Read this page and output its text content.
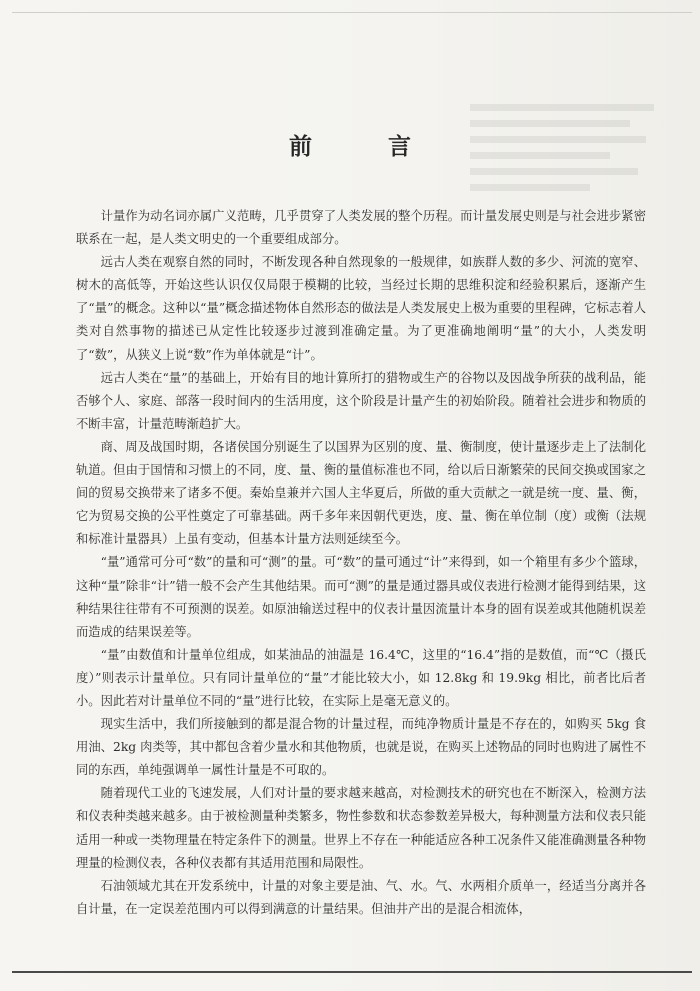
前 言

计量作为动名词亦属广义范畴，几乎贯穿了人类发展的整个历程。而计量发展史则是与社会进步紧密联系在一起，是人类文明史的一个重要组成部分。

远古人类在观察自然的同时，不断发现各种自然现象的一般规律，如族群人数的多少、河流的宽窄、树木的高低等，开始这些认识仅仅局限于模糊的比较，当经过长期的思维积淀和经验积累后，逐渐产生了“量”的概念。这种以“量”概念描述物体自然形态的做法是人类发展史上极为重要的里程碑，它标志着人类对自然事物的描述已从定性比较逐步过渡到准确定量。为了更准确地阐明“量”的大小，人类发明了“数”，从狭义上说“数”作为单体就是“计”。

远古人类在“量”的基础上，开始有目的地计算所打的猎物或生产的谷物以及因战争所获的战利品，能否够个人、家庭、部落一段时间内的生活用度，这个阶段是计量产生的初始阶段。随着社会进步和物质的不断丰富，计量范畴渐趋扩大。

商、周及战国时期，各诸侯国分别诞生了以国界为区别的度、量、衡制度，使计量逐步走上了法制化轨道。但由于国情和习惯上的不同，度、量、衡的量值标准也不同，给以后日渐繁荣的民间交换或国家之间的贸易交换带来了诸多不便。秦始皇兼并六国人主华夏后，所做的重大贡献之一就是统一度、量、衡，它为贸易交换的公平性奠定了可靠基础。两千多年来因朝代更迭，度、量、衡在单位制（度）或衡（法规和标准计量器具）上虽有变动，但基本计量方法则延续至今。

“量”通常可分可“数”的量和可“测”的量。可“数”的量可通过“计”来得到，如一个箱里有多少个篮球，这种“量”除非“计”错一般不会产生其他结果。而可“测”的量是通过器具或仪表进行检测才能得到结果，这种结果往往带有不可预测的误差。如原油输送过程中的仪表计量因流量计本身的固有误差或其他随机误差而造成的结果误差等。

“量”由数值和计量单位组成，如某油品的油温是 16.4℃，这里的“16.4”指的是数值，而“℃（摄氏度）”则表示计量单位。只有同计量单位的“量”才能比较大小，如 12.8kg 和 19.9kg 相比，前者比后者小。因此若对计量单位不同的“量”进行比较，在实际上是毫无意义的。

现实生活中，我们所接触到的都是混合物的计量过程，而纯净物质计量是不存在的，如购买 5kg 食用油、2kg 肉类等，其中都包含着少量水和其他物质，也就是说，在购买上述物品的同时也购进了属性不同的东西，单纯强调单一属性计量是不可取的。

随着现代工业的飞速发展，人们对计量的要求越来越高，对检测技术的研究也在不断深入，检测方法和仪表种类越来越多。由于被检测量种类繁多，物性参数和状态参数差异极大，每种测量方法和仪表只能适用一种或一类物理量在特定条件下的测量。世界上不存在一种能适应各种工况条件又能准确测量各种物理量的检测仪表，各种仪表都有其适用范围和局限性。

石油领域尤其在开发系统中，计量的对象主要是油、气、水。气、水两相介质单一，经适当分离并各自计量，在一定误差范围内可以得到满意的计量结果。但油井产出的是混合相流体，
